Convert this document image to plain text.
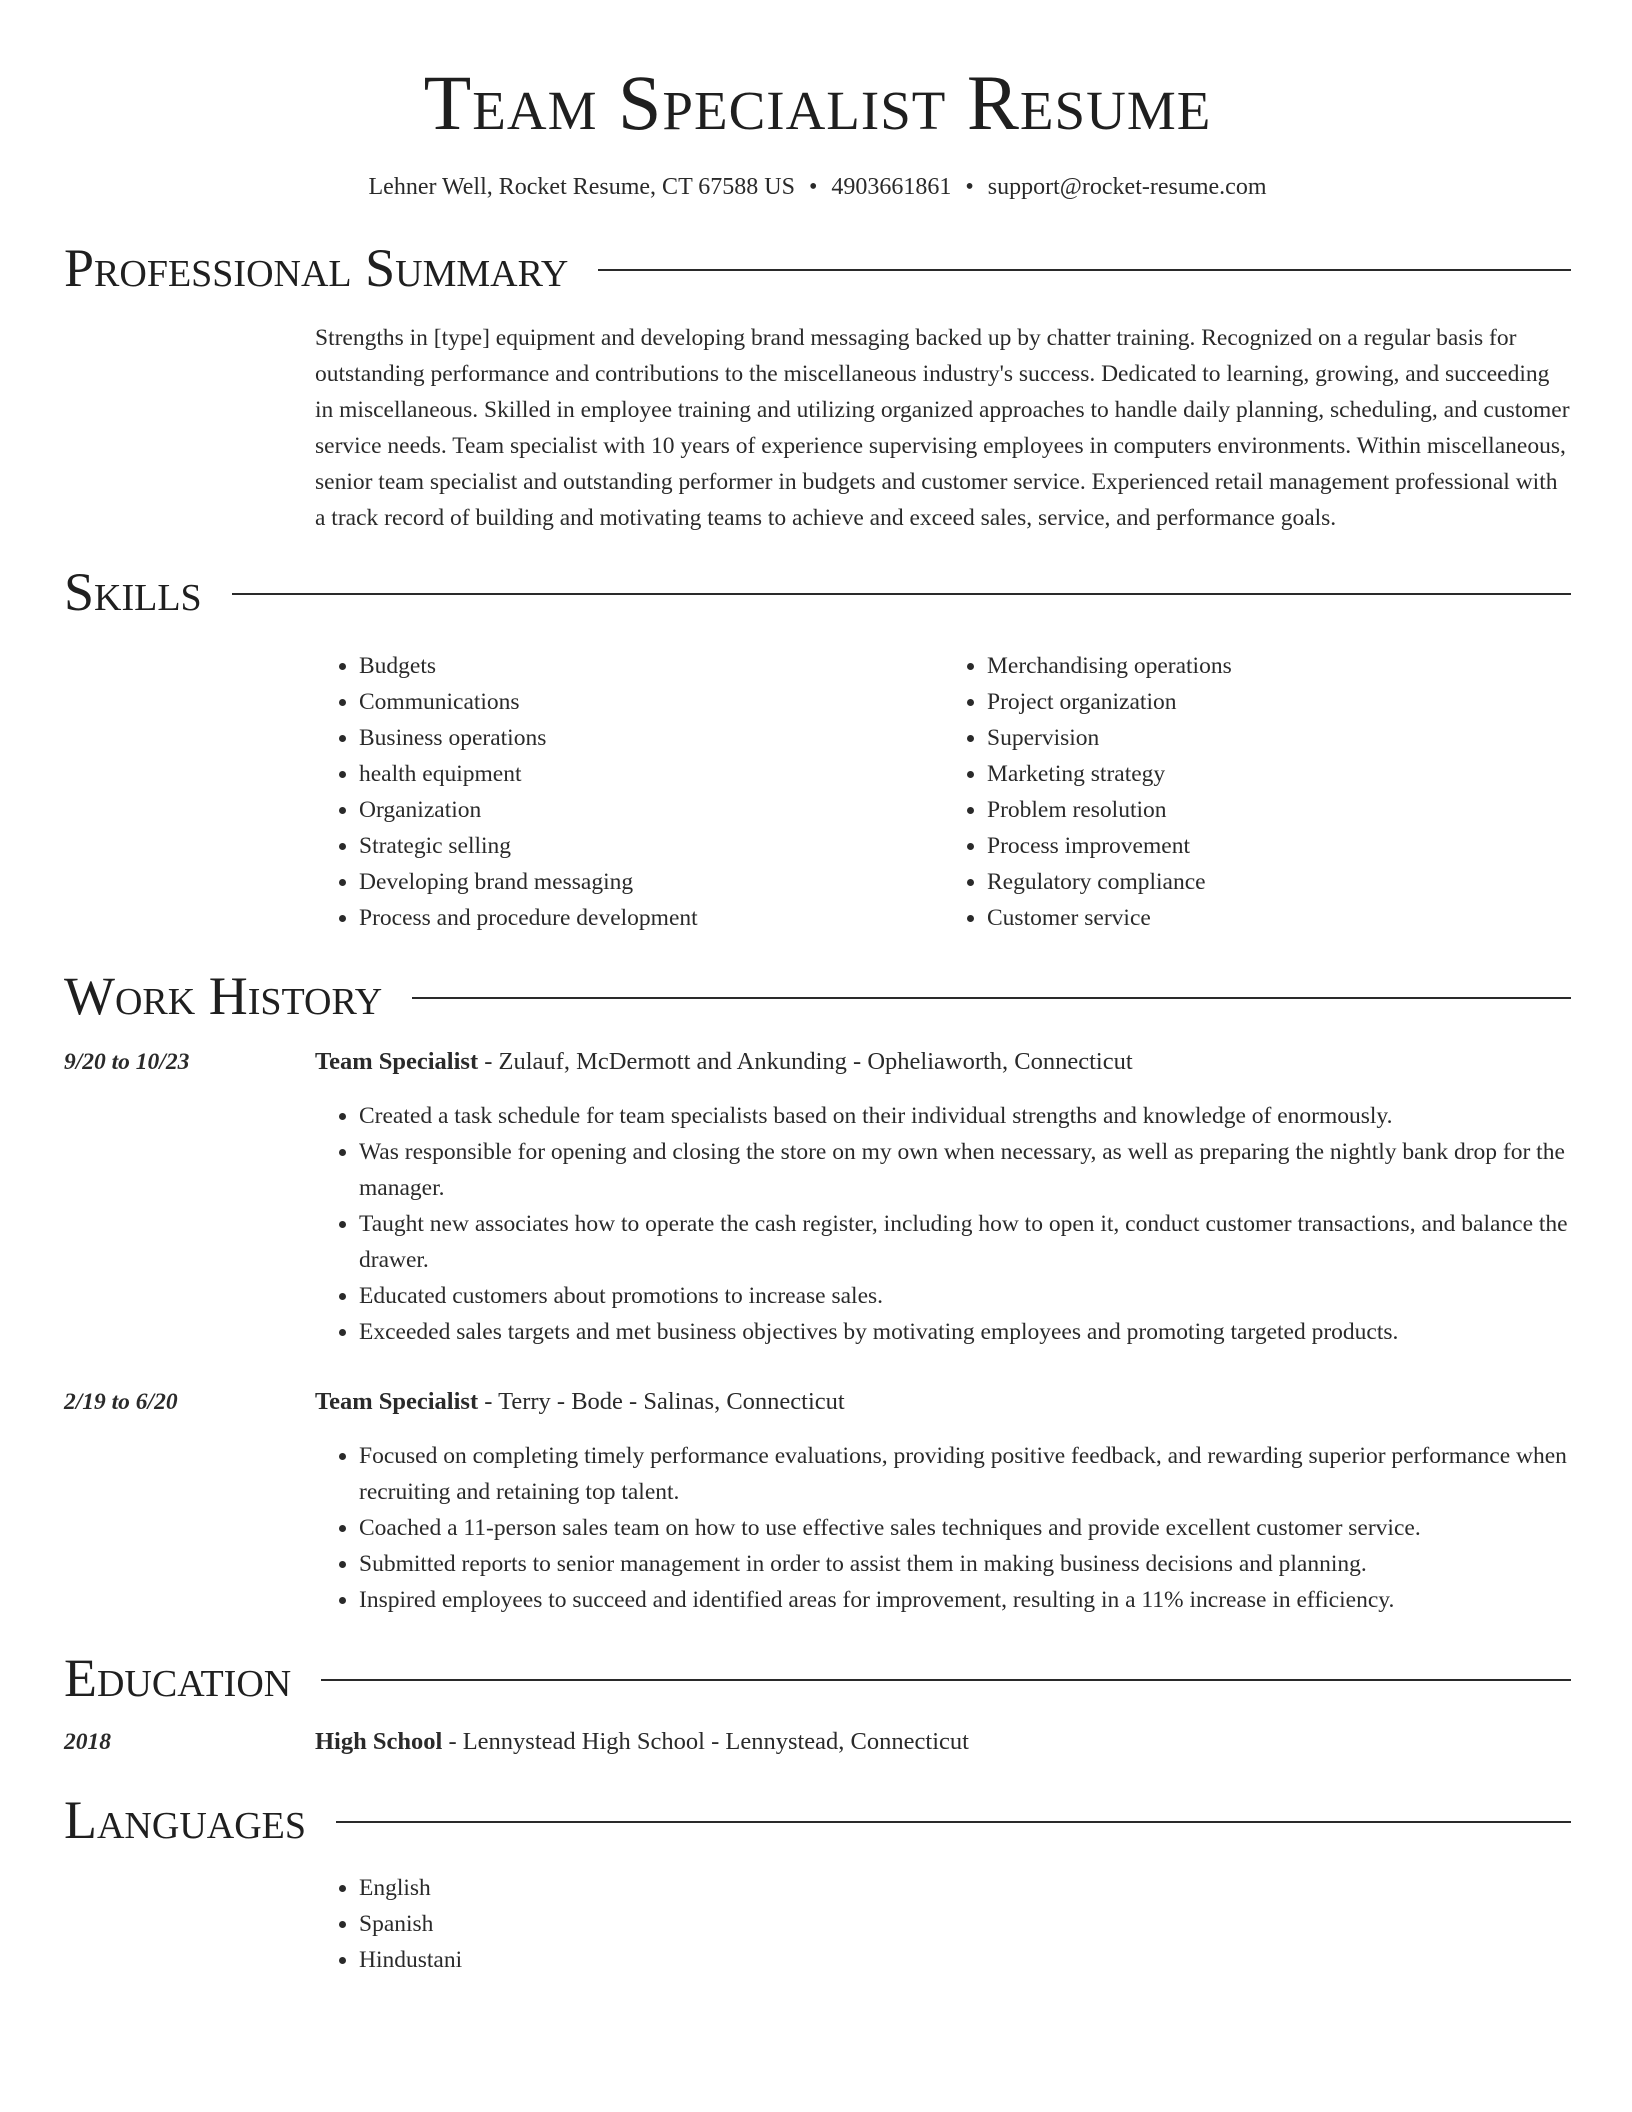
Team Specialist Resume
Lehner Well, Rocket Resume, CT 67588 US • 4903661861 • support@rocket-resume.com
Professional Summary
Strengths in [type] equipment and developing brand messaging backed up by chatter training. Recognized on a regular basis for outstanding performance and contributions to the miscellaneous industry's success. Dedicated to learning, growing, and succeeding in miscellaneous. Skilled in employee training and utilizing organized approaches to handle daily planning, scheduling, and customer service needs. Team specialist with 10 years of experience supervising employees in computers environments. Within miscellaneous, senior team specialist and outstanding performer in budgets and customer service. Experienced retail management professional with a track record of building and motivating teams to achieve and exceed sales, service, and performance goals.
Skills
• Budgets
• Communications
• Business operations
• health equipment
• Organization
• Strategic selling
• Developing brand messaging
• Process and procedure development
• Merchandising operations
• Project organization
• Supervision
• Marketing strategy
• Problem resolution
• Process improvement
• Regulatory compliance
• Customer service
Work History
9/20 to 10/23	Team Specialist - Zulauf, McDermott and Ankunding - Opheliaworth, Connecticut
• Created a task schedule for team specialists based on their individual strengths and knowledge of enormously.
• Was responsible for opening and closing the store on my own when necessary, as well as preparing the nightly bank drop for the manager.
• Taught new associates how to operate the cash register, including how to open it, conduct customer transactions, and balance the drawer.
• Educated customers about promotions to increase sales.
• Exceeded sales targets and met business objectives by motivating employees and promoting targeted products.
2/19 to 6/20	Team Specialist - Terry - Bode - Salinas, Connecticut
• Focused on completing timely performance evaluations, providing positive feedback, and rewarding superior performance when recruiting and retaining top talent.
• Coached a 11-person sales team on how to use effective sales techniques and provide excellent customer service.
• Submitted reports to senior management in order to assist them in making business decisions and planning.
• Inspired employees to succeed and identified areas for improvement, resulting in a 11% increase in efficiency.
Education
2018	High School - Lennystead High School - Lennystead, Connecticut
Languages
• English
• Spanish
• Hindustani
